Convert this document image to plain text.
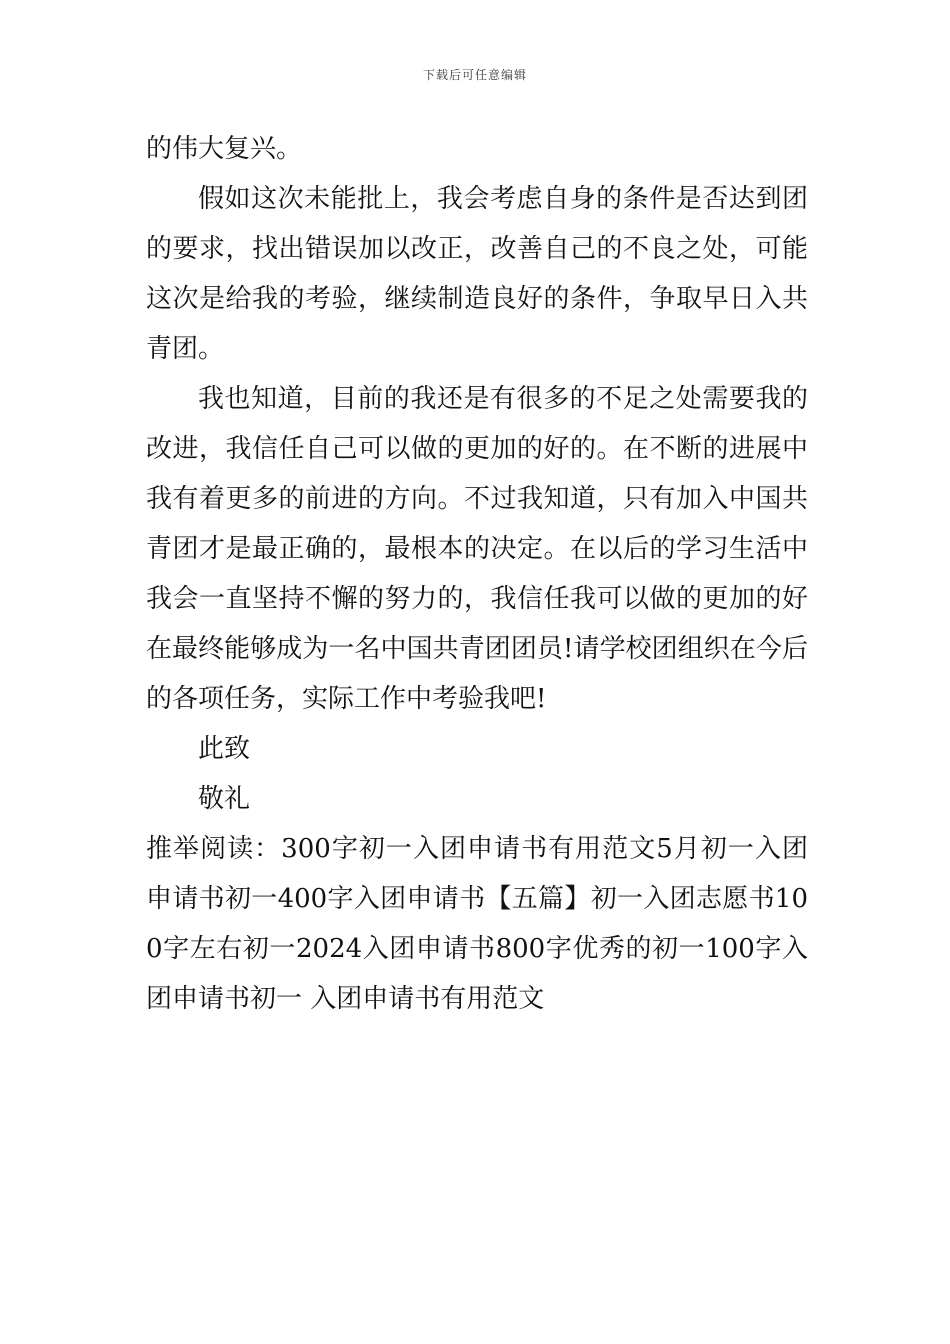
下载后可任意编辑

的伟大复兴。

假如这次未能批上，我会考虑自身的条件是否达到团的要求，找出错误加以改正，改善自己的不良之处，可能这次是给我的考验，继续制造良好的条件，争取早日入共青团。

我也知道，目前的我还是有很多的不足之处需要我的改进，我信任自己可以做的更加的好的。在不断的进展中我有着更多的前进的方向。不过我知道，只有加入中国共青团才是最正确的，最根本的决定。在以后的学习生活中我会一直坚持不懈的努力的，我信任我可以做的更加的好在最终能够成为一名中国共青团团员!请学校团组织在今后的各项任务，实际工作中考验我吧!

此致

敬礼

推举阅读：300字初一入团申请书有用范文5月初一入团申请书初一400字入团申请书【五篇】初一入团志愿书100字左右初一2024入团申请书800字优秀的初一100字入团申请书初一 入团申请书有用范文
